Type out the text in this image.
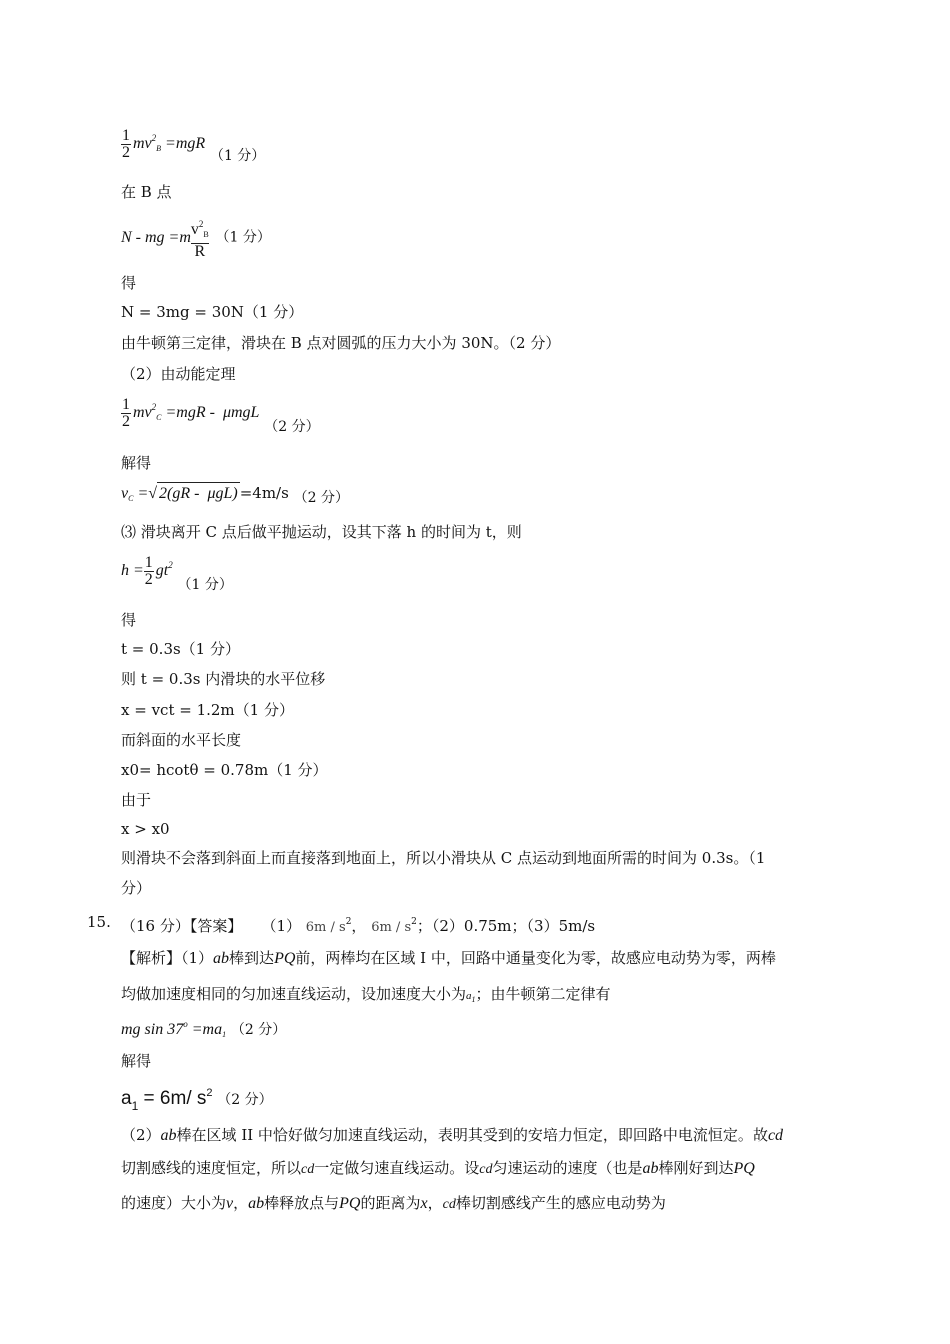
$\frac{1}{2} mv^2_B =mgR$ （1 分）
在 B 点
N - mg $=m \frac{v^2_B}{R} (1$ 分）
得
N = 3mg = 30N（1 分）
由牛顿第三定律，滑块在 B 点对圆弧的压力大小为 30N。（2 分）
（2）由动能定理
$\frac{1}{2} mv^2_C =mgR - \mu mgL$ （2 分）
解得
$v_C$ =√ 2(gR -  μgL) =4m/s （2 分）
⑶ 滑块离开 C 点后做平抛运动，设其下落 h 的时间为 t，则
$h = \frac{1}{2} gt^2$ （1 分）
得
t = 0.3s（1 分）
则 t = 0.3s 内滑块的水平位移
x = vct = 1.2m（1 分）
而斜面的水平长度
x0= hcotθ = 0.78m（1 分）
由于
x > x0
则滑块不会落到斜面上而直接落到地面上，所以小滑块从 C 点运动到地面所需的时间为 0.3s。（1
分）
15. （16 分）【答案】 （1） $6m / s^2$， $6m / s^2$；（2）0.75m；（3）5m/s
【解析】（1）ab棒到达PQ前，两棒均在区域 I 中，回路中通量变化为零，故感应电动势为零，两棒
均做加速度相同的匀加速直线运动，设加速度大小为$a_1$；由牛顿第二定律有
mg $\sin 37^o =ma_1$ （2 分）
解得
$a_1 = 6m/$ $s^2$ （2 分）
（2）ab棒在区域 II 中恰好做匀加速直线运动，表明其受到的安培力恒定，即回路中电流恒定。故cd
切割感线的速度恒定，所以cd一定做匀速直线运动。设cd匀速运动的速度（也是ab棒刚好到达PQ
的速度）大小为v，ab棒释放点与PQ的距离为x，cd棒切割感线产生的感应电动势为
